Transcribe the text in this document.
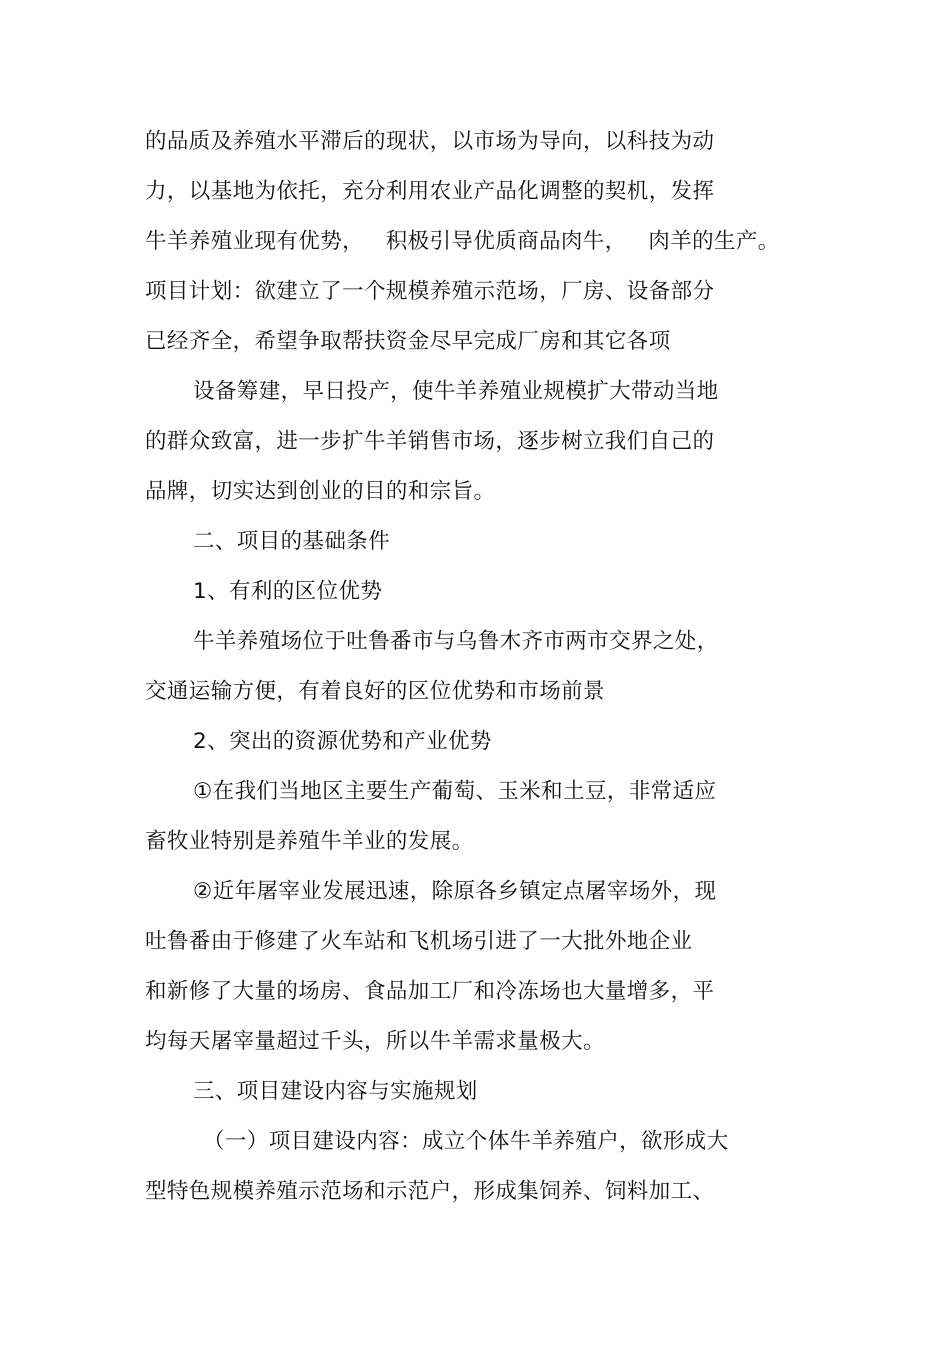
的品质及养殖水平滞后的现状，以市场为导向，以科技为动
力，以基地为依托，充分利用农业产品化调整的契机，发挥
牛羊养殖业现有优势，   积极引导优质商品肉牛，   肉羊的生产。
项目计划：欲建立了一个规模养殖示范场，厂房、设备部分
已经齐全，希望争取帮扶资金尽早完成厂房和其它各项
设备筹建，早日投产，使牛羊养殖业规模扩大带动当地
的群众致富，进一步扩牛羊销售市场，逐步树立我们自己的
品牌，切实达到创业的目的和宗旨。
二、项目的基础条件
1、有利的区位优势
牛羊养殖场位于吐鲁番市与乌鲁木齐市两市交界之处，
交通运输方便，有着良好的区位优势和市场前景
2、突出的资源优势和产业优势
①在我们当地区主要生产葡萄、玉米和土豆，非常适应
畜牧业特别是养殖牛羊业的发展。
②近年屠宰业发展迅速，除原各乡镇定点屠宰场外，现
吐鲁番由于修建了火车站和飞机场引进了一大批外地企业
和新修了大量的场房、食品加工厂和冷冻场也大量增多，平
均每天屠宰量超过千头，所以牛羊需求量极大。
三、项目建设内容与实施规划
（一）项目建设内容：成立个体牛羊养殖户，欲形成大
型特色规模养殖示范场和示范户，形成集饲养、饲料加工、
